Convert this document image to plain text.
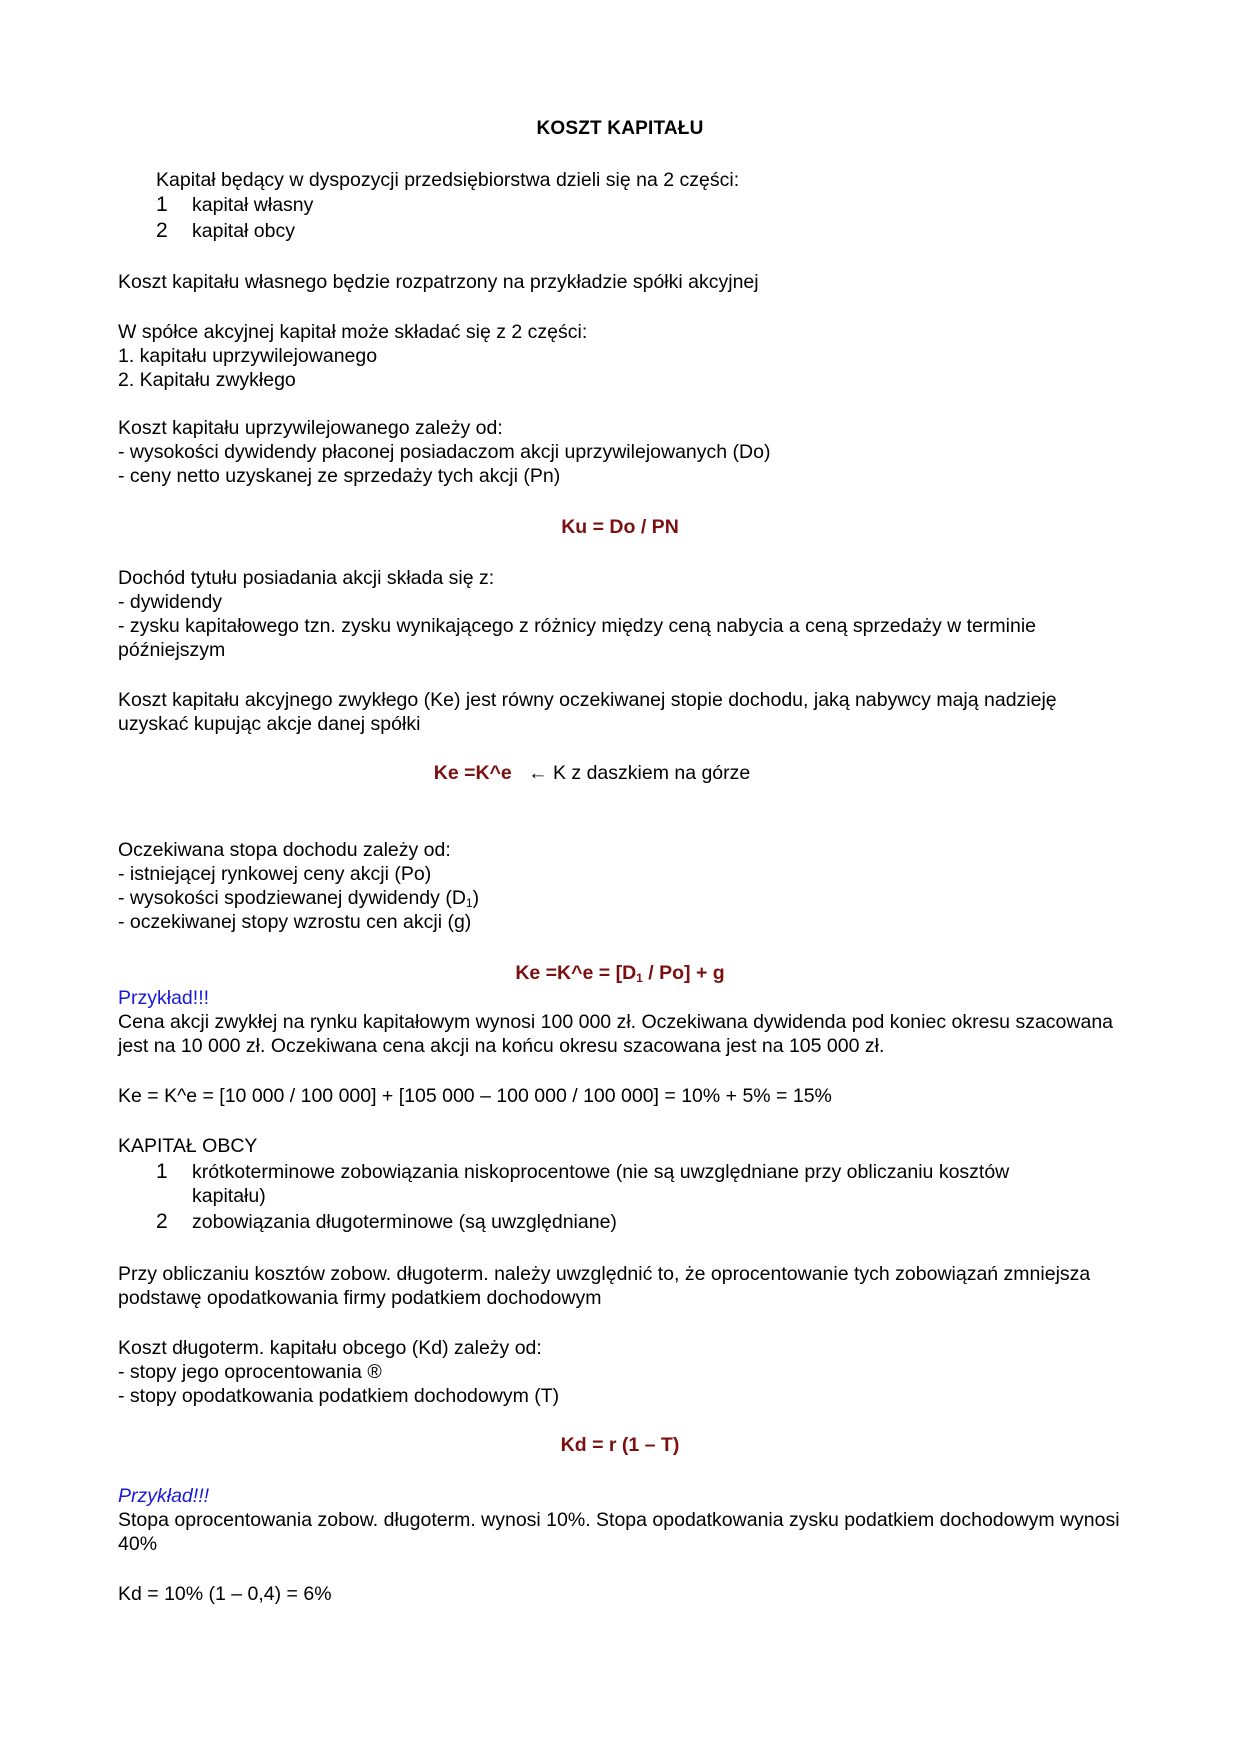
KOSZT KAPITAŁU
Kapitał będący w dyspozycji przedsiębiorstwa dzieli się na 2 części:
1	kapitał własny
2	kapitał obcy
Koszt kapitału własnego będzie rozpatrzony na przykładzie spółki akcyjnej
W spółce akcyjnej kapitał może składać się z 2 części:
1. kapitału uprzywilejowanego
2. Kapitału zwykłego
Koszt kapitału uprzywilejowanego zależy od:
- wysokości dywidendy płaconej posiadaczom akcji uprzywilejowanych (Do)
- ceny netto uzyskanej ze sprzedaży tych akcji (Pn)
Ku = Do / PN
Dochód tytułu posiadania akcji składa się z:
- dywidendy
- zysku kapitałowego tzn. zysku wynikającego z różnicy między ceną nabycia a ceną sprzedaży w terminie późniejszym
Koszt kapitału akcyjnego zwykłego (Ke) jest równy oczekiwanej stopie dochodu, jaką nabywcy mają nadzieję uzyskać kupując akcje danej spółki
Ke =K^e ← K z daszkiem na górze
Oczekiwana stopa dochodu zależy od:
- istniejącej rynkowej ceny akcji (Po)
- wysokości spodziewanej dywidendy $(D_1)$
- oczekiwanej stopy wzrostu cen akcji (g)
Ke =K^e = $[D_1 / Po] + g$
Przykład!!!
Cena akcji zwykłej na rynku kapitałowym wynosi 100 000 zł. Oczekiwana dywidenda pod koniec okresu szacowana jest na 10 000 zł. Oczekiwana cena akcji na końcu okresu szacowana jest na 105 000 zł.
Ke = K^e = [10 000 / 100 000] + [105 000 – 100 000 / 100 000] = 10% + 5% = 15%
KAPITAŁ OBCY
1	krótkoterminowe zobowiązania niskoprocentowe (nie są uwzględniane przy obliczaniu kosztów kapitału)
2	zobowiązania długoterminowe (są uwzględniane)
Przy obliczaniu kosztów zobow. długoterm. należy uwzględnić to, że oprocentowanie tych zobowiązań zmniejsza podstawę opodatkowania firmy podatkiem dochodowym
Koszt długoterm. kapitału obcego (Kd) zależy od:
- stopy jego oprocentowania ®
- stopy opodatkowania podatkiem dochodowym (T)
Kd = r (1 – T)
Przykład!!!
Stopa oprocentowania zobow. długoterm. wynosi 10%. Stopa opodatkowania zysku podatkiem dochodowym wynosi 40%
Kd = 10% (1 – 0,4) = 6%
